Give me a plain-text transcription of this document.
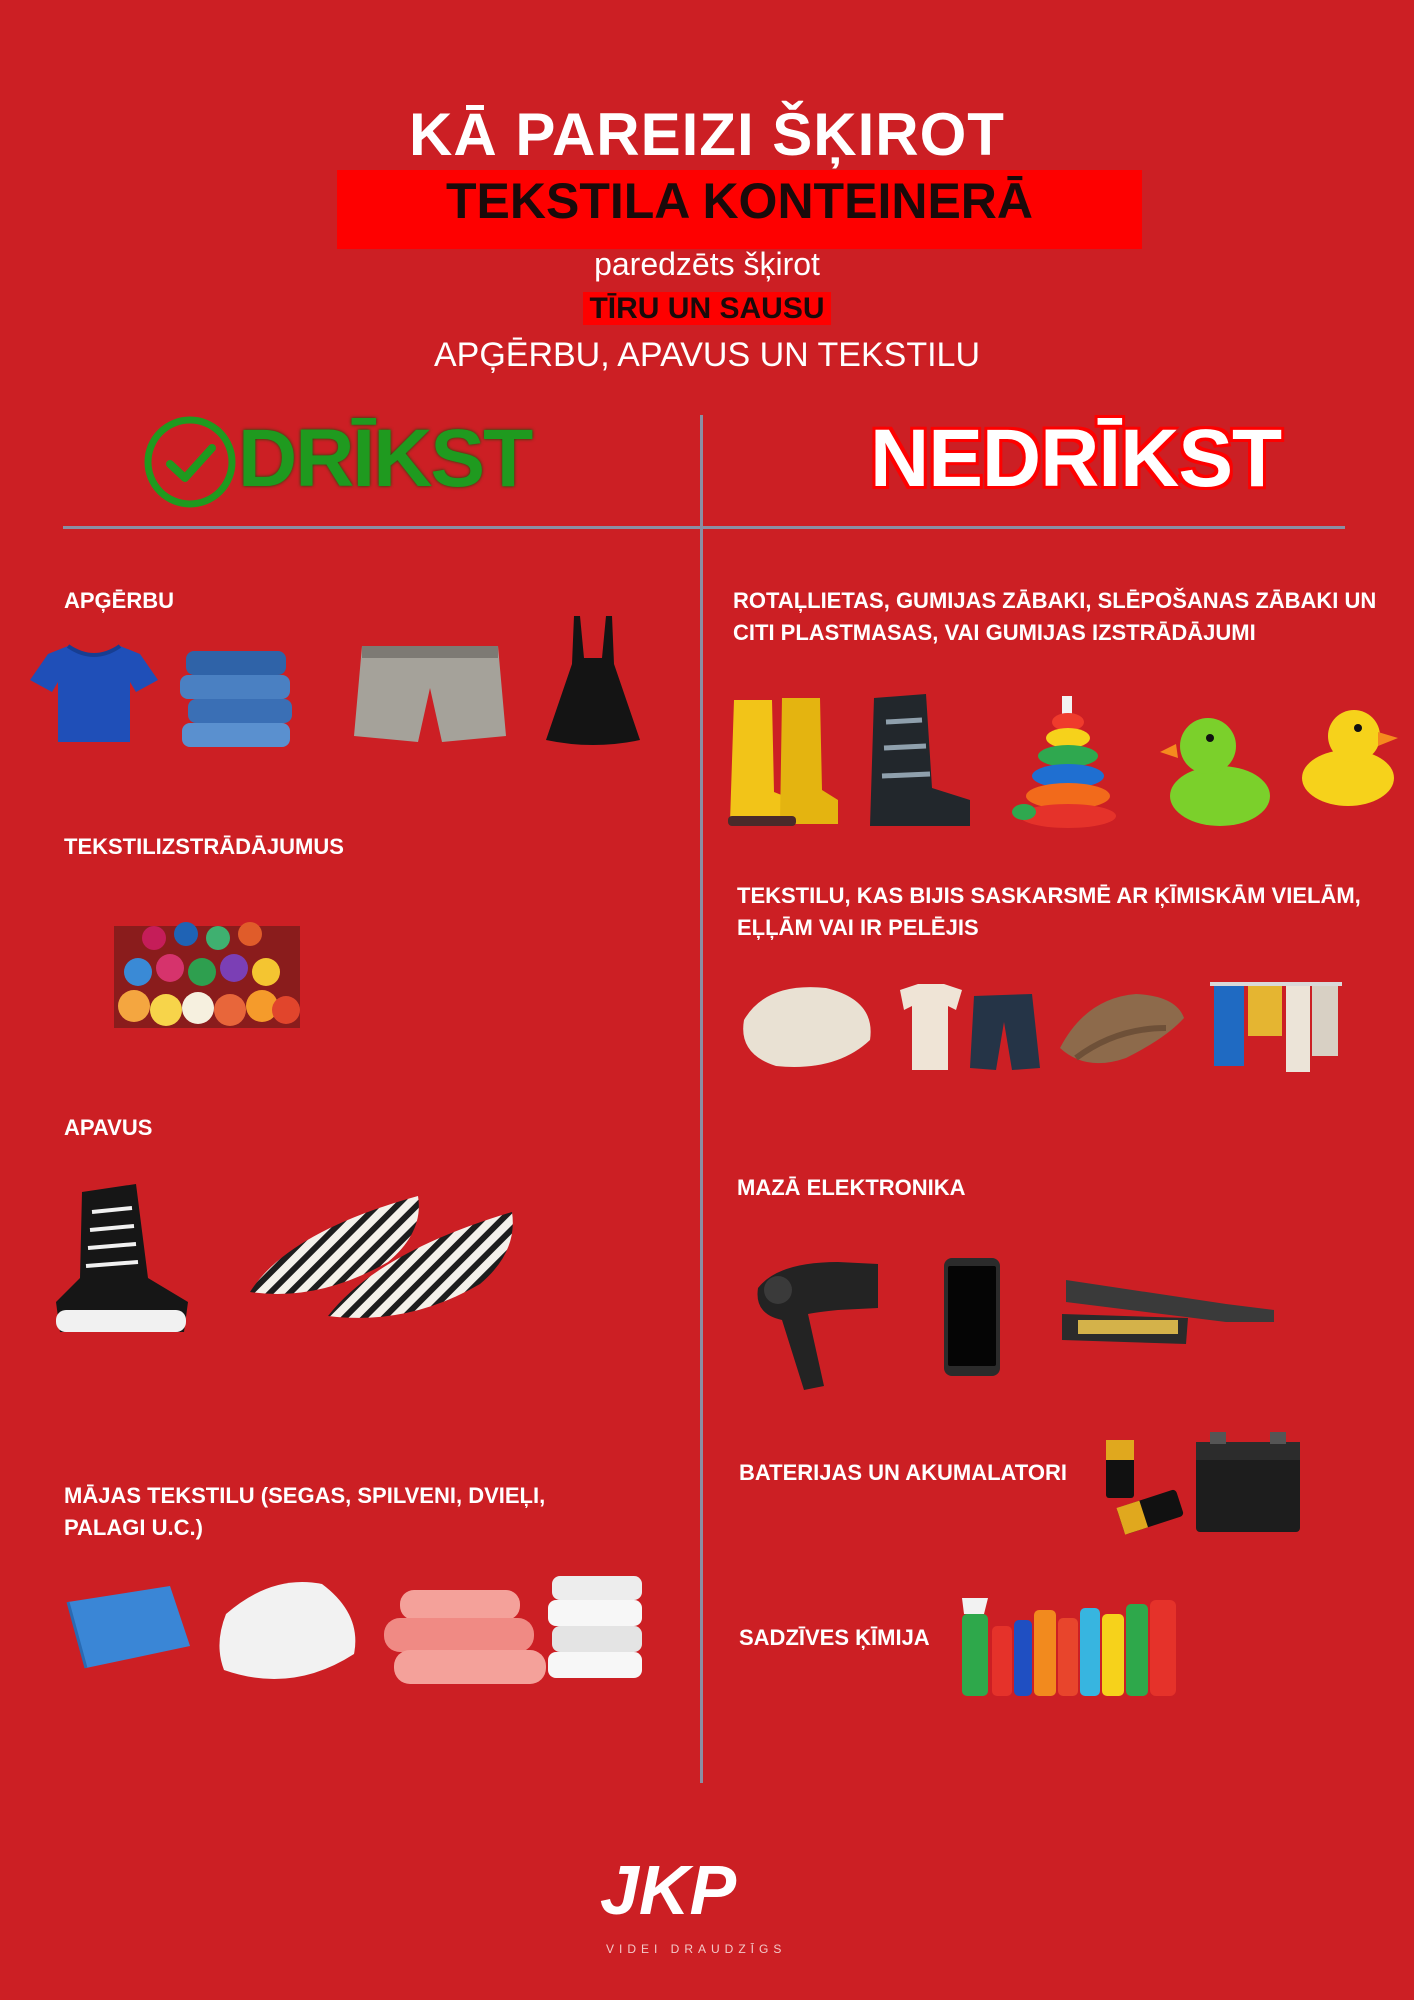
KĀ PAREIZI ŠĶIROT
TEKSTILA KONTEINERĀ
paredzēts šķirot
TĪRU UN SAUSU
APĢĒRBU, APAVUS UN TEKSTILU
DRĪKST	NEDRĪKST
APĢĒRBU
TEKSTILIZSTRĀDĀJUMUS
APAVUS
MĀJAS TEKSTILU (SEGAS, SPILVENI, DVIEĻI,
PALAGI U.C.)
ROTAĻLIETAS, GUMIJAS ZĀBAKI, SLĒPOŠANAS ZĀBAKI UN
CITI PLASTMASAS, VAI GUMIJAS IZSTRĀDĀJUMI
TEKSTILU, KAS BIJIS SASKARSMĒ AR ĶĪMISKĀM VIELĀM,
EĻĻĀM VAI IR PELĒJIS
MAZĀ ELEKTRONIKA
BATERIJAS UN AKUMALATORI
SADZĪVES ĶĪMIJA
JKP
VIDEI DRAUDZĪGS
